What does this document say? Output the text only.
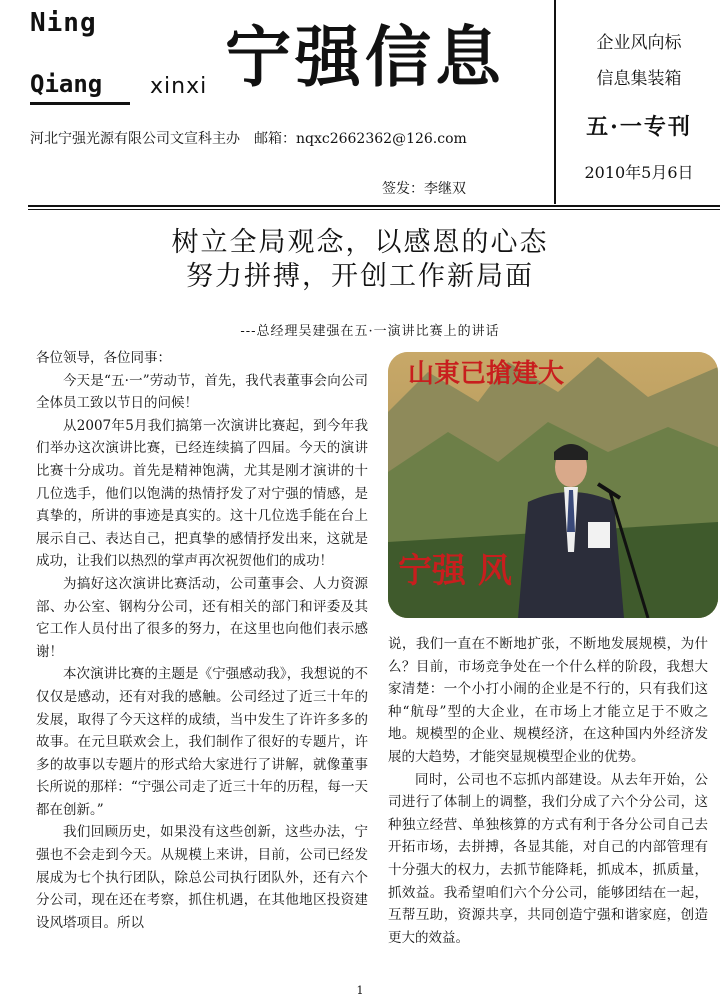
Ning
Qiang xinxi 宁强信息
河北宁强光源有限公司文宣科主办　邮箱：nqxc2662362@126.com
签发：李继双
企业风向标
信息集装箱
五·一专刊
2010年5月6日
树立全局观念，以感恩的心态
努力拼搏，开创工作新局面
---总经理吴建强在五·一演讲比赛上的讲话

各位领导，各位同事：

今天是“五·一”劳动节，首先，我代表董事会向公司全体员工致以节日的问候！

从2007年5月我们搞第一次演讲比赛起，到今年我们举办这次演讲比赛，已经连续搞了四届。今天的演讲比赛十分成功。首先是精神饱满，尤其是刚才演讲的十几位选手，他们以饱满的热情抒发了对宁强的情感，是真挚的，所讲的事迹是真实的。这十几位选手能在台上展示自己、表达自己，把真挚的感情抒发出来，这就是成功，让我们以热烈的掌声再次祝贺他们的成功！

为搞好这次演讲比赛活动，公司董事会、人力资源部、办公室、钢构分公司，还有相关的部门和评委及其它工作人员付出了很多的努力，在这里也向他们表示感谢！

本次演讲比赛的主题是《宁强感动我》，我想说的不仅仅是感动，还有对我的感触。公司经过了近三十年的发展，取得了今天这样的成绩，当中发生了许许多多的故事。在元旦联欢会上，我们制作了很好的专题片，许多的故事以专题片的形式给大家进行了讲解，就像董事长所说的那样：“宁强公司走了近三十年的历程，每一天都在创新。”

我们回顾历史，如果没有这些创新，这些办法，宁强也不会走到今天。从规模上来讲，目前，公司已经发展成为七个执行团队，除总公司执行团队外，还有六个分公司，现在还在考察，抓住机遇，在其他地区投资建设风塔项目。所以

山東已搶建大
宁强 风

说，我们一直在不断地扩张，不断地发展规模，为什么？目前，市场竞争处在一个什么样的阶段，我想大家清楚：一个小打小闹的企业是不行的，只有我们这种“航母”型的大企业，在市场上才能立足于不败之地。规模型的企业、规模经济，在这种国内外经济发展的大趋势，才能突显规模型企业的优势。

同时，公司也不忘抓内部建设。从去年开始，公司进行了体制上的调整，我们分成了六个分公司，这种独立经营、单独核算的方式有利于各分公司自己去开拓市场，去拼搏，各显其能，对自己的内部管理有十分强大的权力，去抓节能降耗，抓成本，抓质量，抓效益。我希望咱们六个分公司，能够团结在一起，互帮互助，资源共享，共同创造宁强和谐家庭，创造更大的效益。

1
